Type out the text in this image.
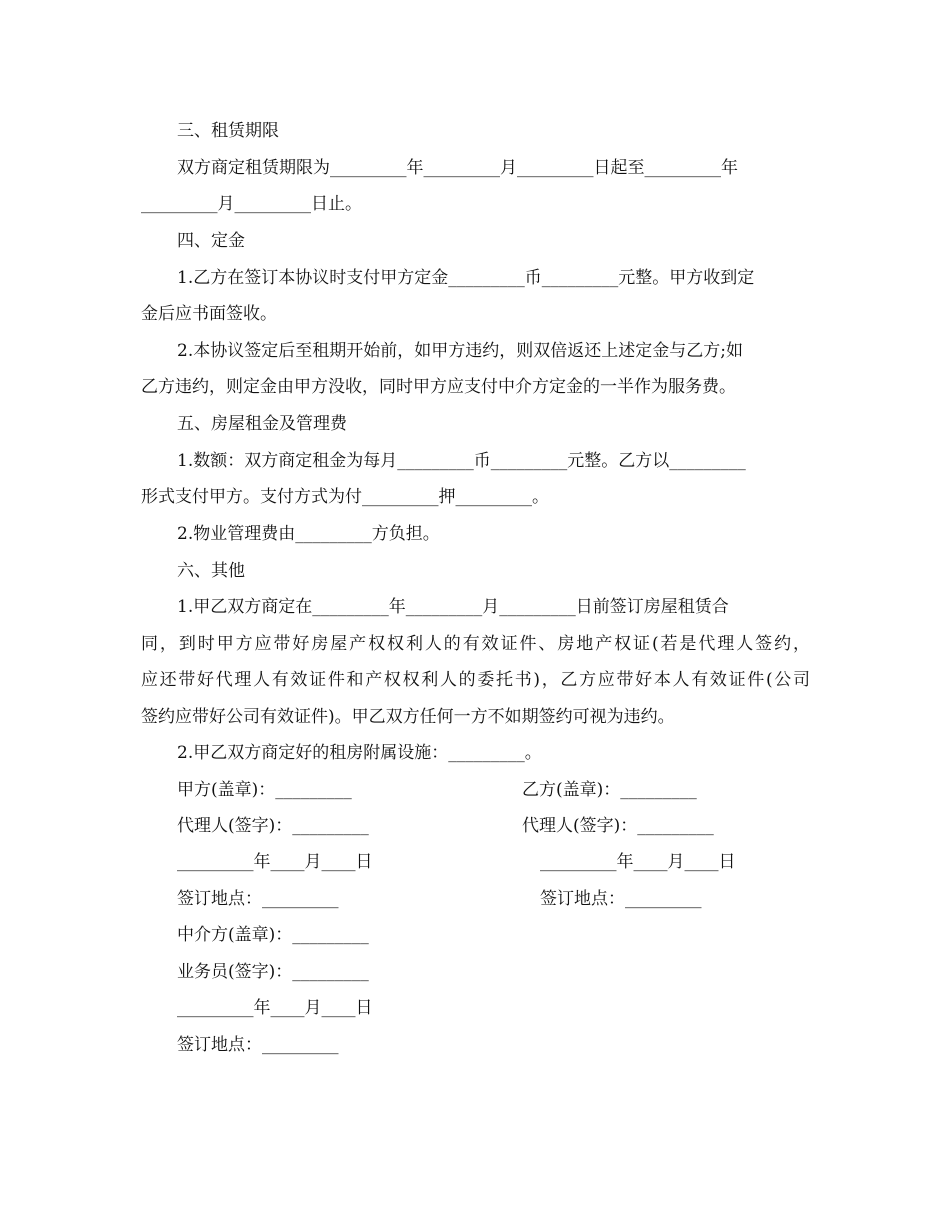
三、租赁期限
双方商定租赁期限为_________年_________月_________日起至_________年
_________月_________日止。
四、定金
1.乙方在签订本协议时支付甲方定金_________币_________元整。甲方收到定
金后应书面签收。
2.本协议签定后至租期开始前，如甲方违约，则双倍返还上述定金与乙方;如
乙方违约，则定金由甲方没收，同时甲方应支付中介方定金的一半作为服务费。
五、房屋租金及管理费
1.数额：双方商定租金为每月_________币_________元整。乙方以_________
形式支付甲方。支付方式为付_________押_________。
2.物业管理费由_________方负担。
六、其他
1.甲乙双方商定在_________年_________月_________日前签订房屋租赁合
同，到时甲方应带好房屋产权权利人的有效证件、房地产权证(若是代理人签约，
应还带好代理人有效证件和产权权利人的委托书)，乙方应带好本人有效证件(公司
签约应带好公司有效证件)。甲乙双方任何一方不如期签约可视为违约。
2.甲乙双方商定好的租房附属设施：_________。
甲方(盖章)：_________	乙方(盖章)：_________
代理人(签字)：_________	代理人(签字)：_________
_________年____月____日	_________年____月____日
签订地点：_________	签订地点：_________
中介方(盖章)：_________
业务员(签字)：_________
_________年____月____日
签订地点：_________
